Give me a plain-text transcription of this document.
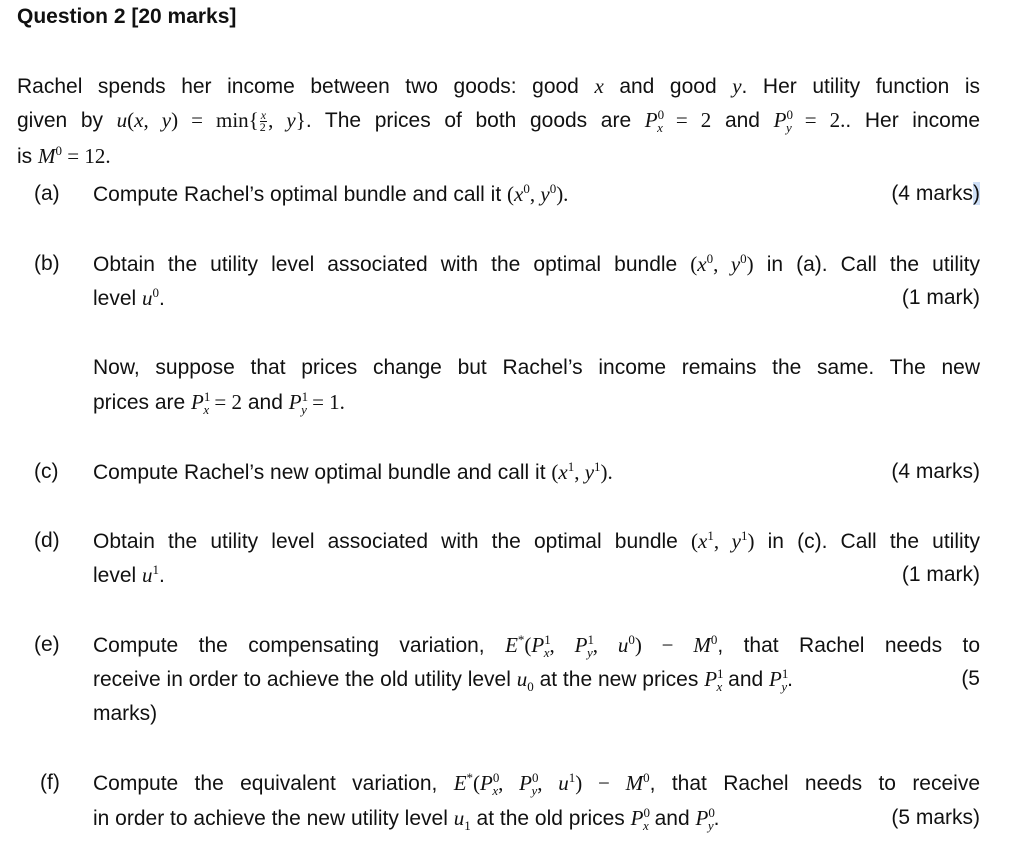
Question 2 [20 marks]
Rachel spends her income between two goods: good x and good y. Her utility function is
given by u(x, $y) = \min\{ \frac{x}{2}$ , y}. The prices of both goods are $P^0_x = 2$ and $P^0_y = 2$.. Her income
is $M^0 = 12$.
(a)	Compute Rachel’s optimal bundle and call it ($x^0$, $y^0$).	(4 marks)
(b)	Obtain the utility level associated with the optimal bundle ($x^0$, $y^0$) in (a). Call the utility
level $u^0$.	(1 mark)
Now, suppose that prices change but Rachel’s income remains the same. The new
prices are $P^1_x = 2$ and $P^1_y = 1$.
(c)	Compute Rachel’s new optimal bundle and call it ($x^1$, $y^1$).	(4 marks)
(d)	Obtain the utility level associated with the optimal bundle ($x^1$, $y^1$) in (c). Call the utility
level $u^1$.	(1 mark)
(e)	Compute the compensating variation, $E^*(P^1_x$, $P^1_y$, $u^0) - M^0$, that Rachel needs to
receive in order to achieve the old utility level $u_0$ at the new prices $P^1_x$ and $P^1_y$.	(5
marks)
(f)	Compute the equivalent variation, $E^*(P^0_x$, $P^0_y$, $u^1) - M^0$, that Rachel needs to receive
in order to achieve the new utility level $u_1$ at the old prices $P^0_x$ and $P^0_y$.	(5 marks)
